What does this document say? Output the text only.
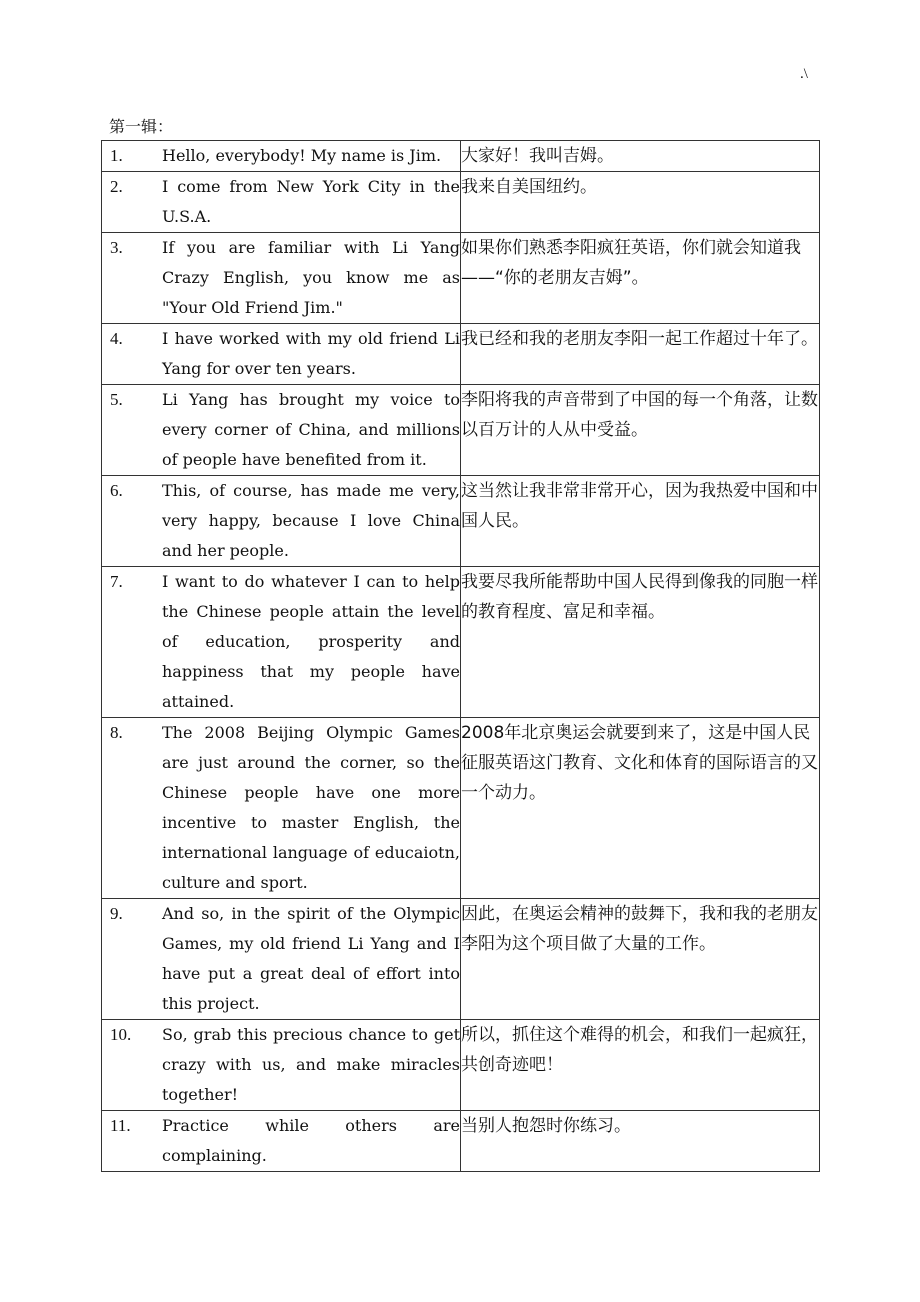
.\
第一辑：
1. Hello, everybody! My name is Jim.	大家好！我叫吉姆。

2. I come from New York City in the U.S.A.	我来自美国纽约。

3. If you are familiar with Li Yang Crazy English, you know me as "Your Old Friend Jim."	如果你们熟悉李阳疯狂英语，你们就会知道我——“你的老朋友吉姆”。

4. I have worked with my old friend Li Yang for over ten years.	我已经和我的老朋友李阳一起工作超过十年了。

5. Li Yang has brought my voice to every corner of China, and millions of people have benefited from it.	李阳将我的声音带到了中国的每一个角落，让数以百万计的人从中受益。

6. This, of course, has made me very, very happy, because I love China and her people.	这当然让我非常非常开心，因为我热爱中国和中国人民。

7. I want to do whatever I can to help the Chinese people attain the level of education, prosperity and happiness that my people have attained.	我要尽我所能帮助中国人民得到像我的同胞一样的教育程度、富足和幸福。

8. The 2008 Beijing Olympic Games are just around the corner, so the Chinese people have one more incentive to master English, the international language of educaiotn, culture and sport.	2008年北京奥运会就要到来了，这是中国人民征服英语这门教育、文化和体育的国际语言的又一个动力。

9. And so, in the spirit of the Olympic Games, my old friend Li Yang and I have put a great deal of effort into this project.	因此，在奥运会精神的鼓舞下，我和我的老朋友李阳为这个项目做了大量的工作。

10. So, grab this precious chance to get crazy with us, and make miracles together!	所以，抓住这个难得的机会，和我们一起疯狂，共创奇迹吧！

11. Practice while others are complaining.	当别人抱怨时你练习。
